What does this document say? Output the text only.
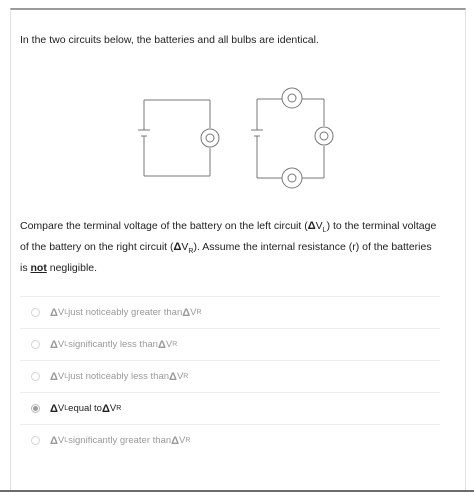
In the two circuits below, the batteries and all bulbs are identical.
Compare the terminal voltage of the battery on the left circuit $(\Delta V_L)$ to the terminal voltage of the battery on the right circuit $(\Delta V_R)$. Assume the internal resistance (r) of the batteries is not negligible.
Δ V L just noticeably greater than Δ V R
Δ V L significantly less than Δ V R
Δ V L just noticeably less than Δ V R
Δ V L equal to Δ V R
Δ V L significantly greater than Δ V R
